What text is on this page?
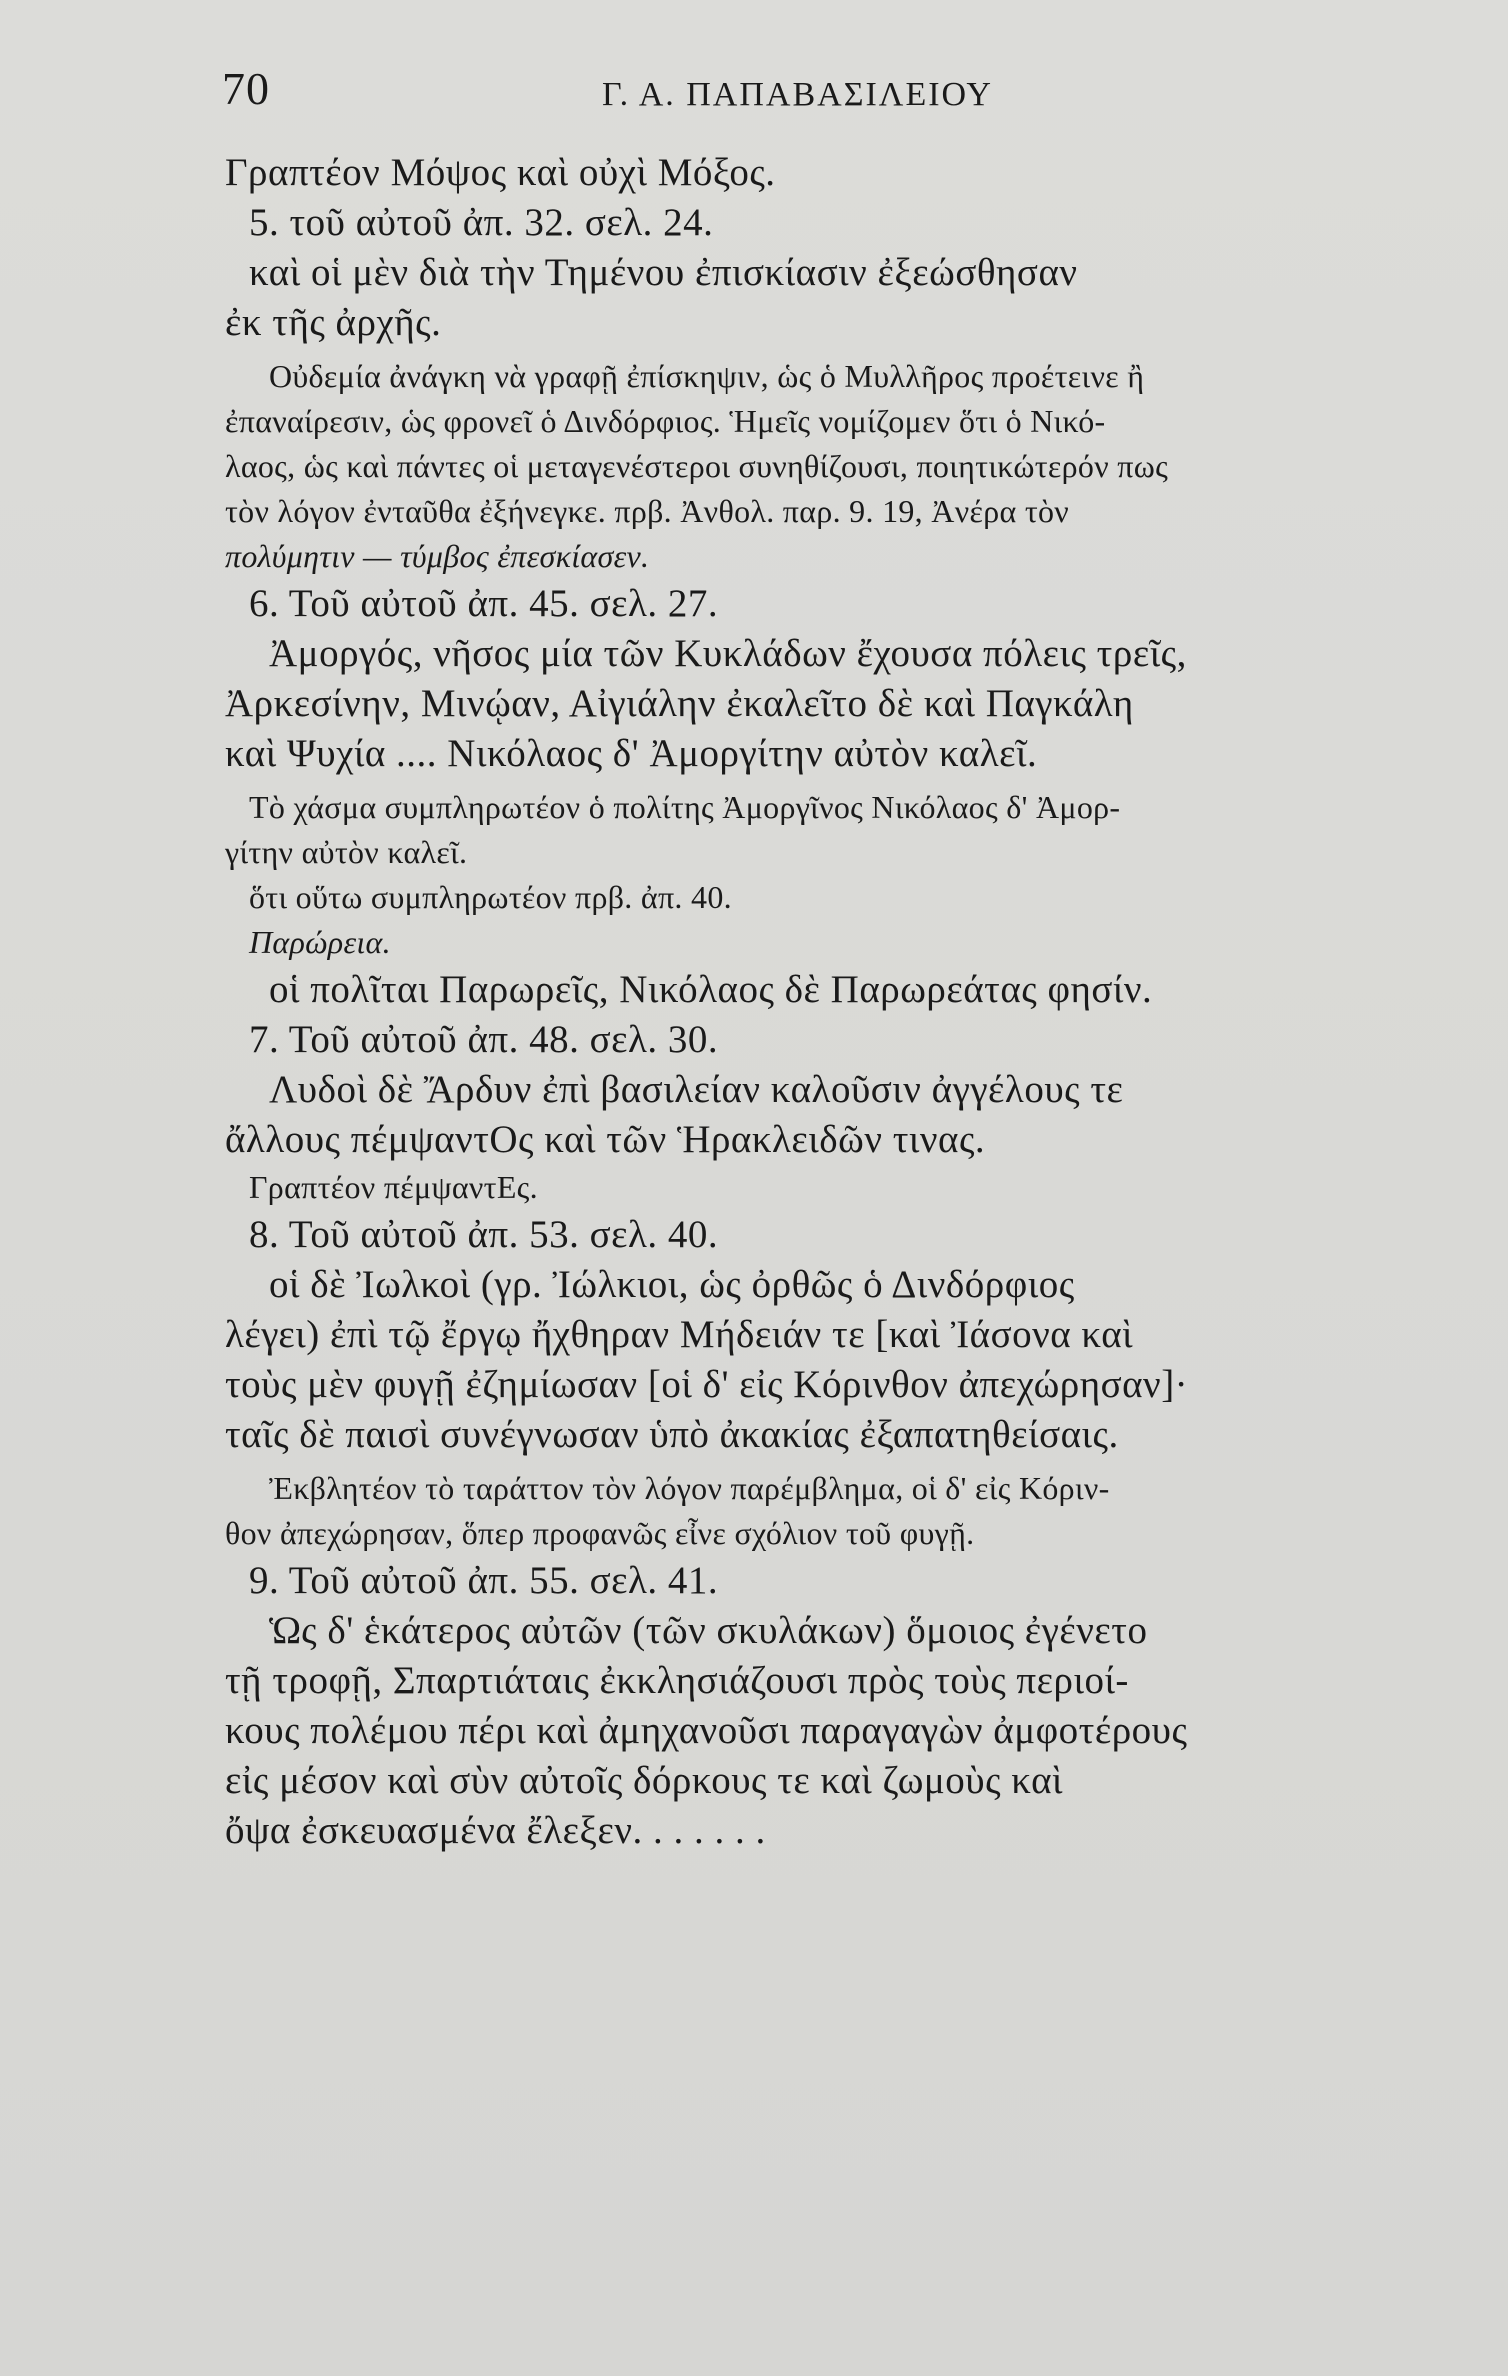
70	Γ. Α. ΠΑΠΑΒΑΣΙΛΕΙΟΥ
Γραπτέον Μόψος καὶ οὐχὶ Μόξος.
5. τοῦ αὐτοῦ ἀπ. 32. σελ. 24.
καὶ οἱ μὲν διὰ τὴν Τημένου ἐπισκίασιν ἐξεώσθησαν
ἐκ τῆς ἀρχῆς.
Οὐδεμία ἀνάγκη νὰ γραφῇ ἐπίσκηψιν, ὡς ὁ Μυλλῆρος προέτεινε ἢ
ἐπαναίρεσιν, ὡς φρονεῖ ὁ Δινδόρφιος. Ἡμεῖς νομίζομεν ὅτι ὁ Νικό-
λαος, ὡς καὶ πάντες οἱ μεταγενέστεροι συνηθίζουσι, ποιητικώτερόν πως
τὸν λόγον ἐνταῦθα ἐξήνεγκε. πρβ. Ἀνθολ. παρ. 9. 19, Ἀνέρα τὸν
πολύμητιν — τύμβος ἐπεσκίασεν.
6. Τοῦ αὐτοῦ ἀπ. 45. σελ. 27.
Ἀμοργός, νῆσος μία τῶν Κυκλάδων ἔχουσα πόλεις τρεῖς,
Ἀρκεσίνην, Μινῴαν, Αἰγιάλην ἐκαλεῖτο δὲ καὶ Παγκάλη
καὶ Ψυχία .... Νικόλαος δ' Ἀμοργίτην αὐτὸν καλεῖ.
Τὸ χάσμα συμπληρωτέον ὁ πολίτης Ἀμοργῖνος Νικόλαος δ' Ἀμορ-
γίτην αὐτὸν καλεῖ.
ὅτι οὕτω συμπληρωτέον πρβ. ἀπ. 40.
Παρώρεια.
οἱ πολῖται Παρωρεῖς, Νικόλαος δὲ Παρωρεάτας φησίν.
7. Τοῦ αὐτοῦ ἀπ. 48. σελ. 30.
Λυδοὶ δὲ Ἄρδυν ἐπὶ βασιλείαν καλοῦσιν ἀγγέλους τε
ἄλλους πέμψαντΟς καὶ τῶν Ἡρακλειδῶν τινας.
Γραπτέον πέμψαντΕς.
8. Τοῦ αὐτοῦ ἀπ. 53. σελ. 40.
οἱ δὲ Ἰωλκοὶ (γρ. Ἰώλκιοι, ὡς ὀρθῶς ὁ Δινδόρφιος
λέγει) ἐπὶ τῷ ἔργῳ ἤχθηραν Μήδειάν τε [καὶ Ἰάσονα καὶ
τοὺς μὲν φυγῇ ἐζημίωσαν [οἱ δ' εἰς Κόρινθον ἀπεχώρησαν]·
ταῖς δὲ παισὶ συνέγνωσαν ὑπὸ ἀκακίας ἐξαπατηθείσαις.
Ἐκβλητέον τὸ ταράττον τὸν λόγον παρέμβλημα, οἱ δ' εἰς Κόριν-
θον ἀπεχώρησαν, ὅπερ προφανῶς εἶνε σχόλιον τοῦ φυγῇ.
9. Τοῦ αὐτοῦ ἀπ. 55. σελ. 41.
Ὡς δ' ἑκάτερος αὐτῶν (τῶν σκυλάκων) ὅμοιος ἐγένετο
τῇ τροφῇ, Σπαρτιάταις ἐκκλησιάζουσι πρὸς τοὺς περιοί-
κους πολέμου πέρι καὶ ἀμηχανοῦσι παραγαγὼν ἀμφοτέρους
εἰς μέσον καὶ σὺν αὐτοῖς δόρκους τε καὶ ζωμοὺς καὶ
ὄψα ἐσκευασμένα ἔλεξεν. . . . . . .
